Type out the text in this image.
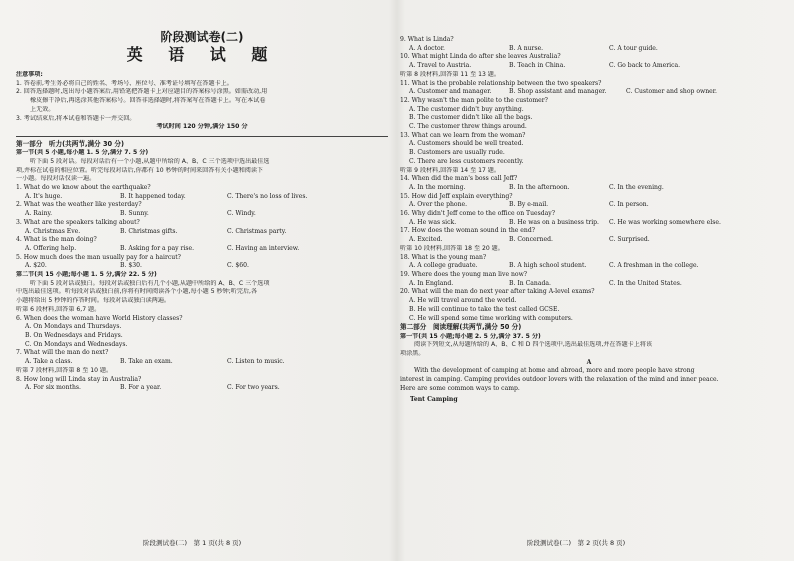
阶段测试卷(二)
英 语 试 题
注意事项:
1. 答卷前,考生务必将自己的姓名、考场号、座位号、准考证号填写在答题卡上。
2. 回答选择题时,选出每小题答案后,用铅笔把答题卡上对应题目的答案标号涂黑。如需改动,用
橡皮擦干净后,再选涂其他答案标号。回答非选择题时,将答案写在答题卡上。写在本试卷
上无效。
3. 考试结束后,将本试卷和答题卡一并交回。
考试时间 120 分钟,满分 150 分
第一部分　听力(共两节,满分 30 分)
第一节(共 5 小题,每小题 1. 5 分,满分 7. 5 分)
听下面 5 段对话。每段对话后有一个小题,从题中所给的 A、B、C 三个选项中选出最佳选
项,并标在试卷的相应位置。听完每段对话后,你都有 10 秒钟的时间来回答有关小题和阅读下
一小题。每段对话仅读一遍。
1. What do we know about the earthquake?
A. It's huge.	B. It happened today.	C. There's no loss of lives.
2. What was the weather like yesterday?
A. Rainy.	B. Sunny.	C. Windy.
3. What are the speakers talking about?
A. Christmas Eve.	B. Christmas gifts.	C. Christmas party.
4. What is the man doing?
A. Offering help.	B. Asking for a pay rise.	C. Having an interview.
5. How much does the man usually pay for a haircut?
A. $20.	B. $30.	C. $60.
第二节(共 15 小题;每小题 1. 5 分,满分 22. 5 分)
听下面 5 段对话或独白。每段对话或独白后有几个小题,从题中所给的 A、B、C 三个选项
中选出最佳选项。听每段对话或独白前,你将有时间阅读各个小题,每小题 5 秒钟;听完后,各
小题将给出 5 秒钟的作答时间。每段对话或独白读两遍。
听第 6 段材料,回答第 6,7 题。
6. When does the woman have World History classes?
A. On Mondays and Thursdays.
B. On Wednesdays and Fridays.
C. On Mondays and Wednesdays.
7. What will the man do next?
A. Take a class.	B. Take an exam.	C. Listen to music.
听第 7 段材料,回答第 8 至 10 题。
8. How long will Linda stay in Australia?
A. For six months.	B. For a year.	C. For two years.
9. What is Linda?
A. A doctor.	B. A nurse.	C. A tour guide.
10. What might Linda do after she leaves Australia?
A. Travel to Austria.	B. Teach in China.	C. Go back to America.
听第 8 段材料,回答第 11 至 13 题。
11. What is the probable relationship between the two speakers?
A. Customer and manager.	B. Shop assistant and manager.	C. Customer and shop owner.
12. Why wasn't the man polite to the customer?
A. The customer didn't buy anything.
B. The customer didn't like all the bags.
C. The customer threw things around.
13. What can we learn from the woman?
A. Customers should be well treated.
B. Customers are usually rude.
C. There are less customers recently.
听第 9 段材料,回答第 14 至 17 题。
14. When did the man's boss call Jeff?
A. In the morning.	B. In the afternoon.	C. In the evening.
15. How did Jeff explain everything?
A. Over the phone.	B. By e-mail.	C. In person.
16. Why didn't Jeff come to the office on Tuesday?
A. He was sick.	B. He was on a business trip.	C. He was working somewhere else.
17. How does the woman sound in the end?
A. Excited.	B. Concerned.	C. Surprised.
听第 10 段材料,回答第 18 至 20 题。
18. What is the young man?
A. A college graduate.	B. A high school student.	C. A freshman in the college.
19. Where does the young man live now?
A. In England.	B. In Canada.	C. In the United States.
20. What will the man do next year after taking A-level exams?
A. He will travel around the world.
B. He will continue to take the test called GCSE.
C. He will spend some time working with computers.
第二部分　阅读理解(共两节,满分 50 分)
第一节(共 15 小题;每小题 2. 5 分,满分 37. 5 分)
阅读下列短文,从每题所给的 A、B、C 和 D 四个选项中,选出最佳选项,并在答题卡上将该
项涂黑。
A
With the development of camping at home and abroad, more and more people have strong
interest in camping. Camping provides outdoor lovers with the relaxation of the mind and inner peace.
Here are some common ways to camp.
Tent Camping
阶段测试卷(二)　第 1 页(共 8 页)	阶段测试卷(二)　第 2 页(共 8 页)
